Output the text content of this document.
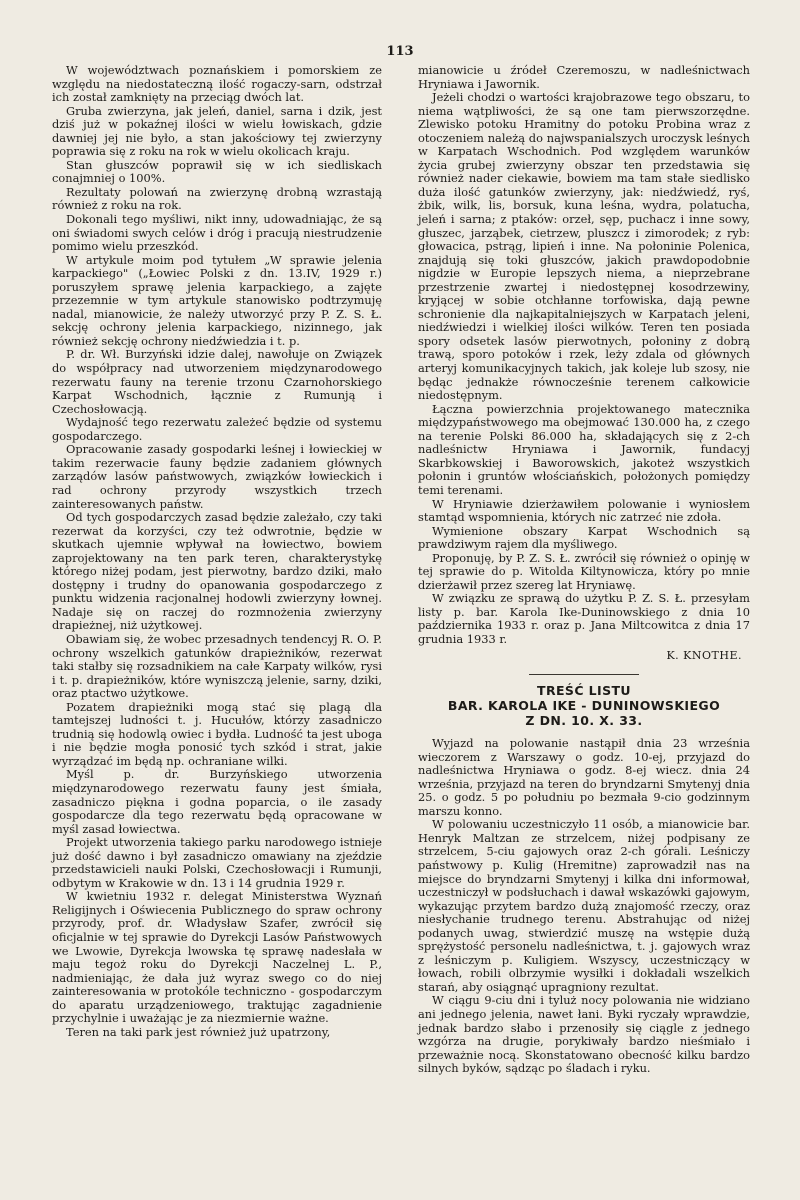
113

W województwach poznańskiem i pomorskiem ze względu na niedostateczną ilość rogaczy-sarn, odstrzał ich został zamknięty na przeciąg dwóch lat.

Gruba zwierzyna, jak jeleń, daniel, sarna i dzik, jest dziś już w pokaźnej ilości w wielu łowiskach, gdzie dawniej jej nie było, a stan jakościowy tej zwierzyny poprawia się z roku na rok w wielu okolicach kraju.

Stan głuszców poprawił się w ich siedliskach conajmniej o 100%.

Rezultaty polowań na zwierzynę drobną wzrastają również z roku na rok.

Dokonali tego myśliwi, nikt inny, udowadniając, że są oni świadomi swych celów i dróg i pracują niestrudzenie pomimo wielu przeszkód.

W artykule moim pod tytułem „W sprawie jelenia karpackiego" („Łowiec Polski z dn. 13.IV, 1929 r.) poruszyłem sprawę jelenia karpackiego, a zajęte przezemnie w tym artykule stanowisko podtrzymuję nadal, mianowicie, że należy utworzyć przy P. Z. S. Ł. sekcję ochrony jelenia karpackiego, nizinnego, jak również sekcję ochrony niedźwiedzia i t. p.

P. dr. Wł. Burzyński idzie dalej, nawołuje on Związek do współpracy nad utworzeniem międzynarodowego rezerwatu fauny na terenie trzonu Czarnohorskiego Karpat Wschodnich, łącznie z Rumunją i Czechosłowacją.

Wydajność tego rezerwatu zależeć będzie od systemu gospodarczego.

Opracowanie zasady gospodarki leśnej i łowieckiej w takim rezerwacie fauny będzie zadaniem głównych zarządów lasów państwowych, związków łowieckich i rad ochrony przyrody wszystkich trzech zainteresowanych państw.

Od tych gospodarczych zasad będzie zależało, czy taki rezerwat da korzyści, czy też odwrotnie, będzie w skutkach ujemnie wpływał na łowiectwo, bowiem zaprojektowany na ten park teren, charakterystykę którego niżej podam, jest pierwotny, bardzo dziki, mało dostępny i trudny do opanowania gospodarczego z punktu widzenia racjonalnej hodowli zwierzyny łownej. Nadaje się on raczej do rozmnożenia zwierzyny drapieżnej, niż użytkowej.

Obawiam się, że wobec przesadnych tendencyj R. O. P. ochrony wszelkich gatunków drapieżników, rezerwat taki stałby się rozsadnikiem na całe Karpaty wilków, rysi i t. p. drapieżników, które wyniszczą jelenie, sarny, dziki, oraz ptactwo użytkowe.

Pozatem drapieżniki mogą stać się plagą dla tamtejszej ludności t. j. Hucułów, którzy zasadniczo trudnią się hodowlą owiec i bydła. Ludność ta jest uboga i nie będzie mogła ponosić tych szkód i strat, jakie wyrządzać im będą np. ochraniane wilki.

Myśl p. dr. Burzyńskiego utworzenia międzynarodowego rezerwatu fauny jest śmiała, zasadniczo piękna i godna poparcia, o ile zasady gospodarcze dla tego rezerwatu będą opracowane w myśl zasad łowiectwa.

Projekt utworzenia takiego parku narodowego istnieje już dość dawno i był zasadniczo omawiany na zjeździe przedstawicieli nauki Polski, Czechosłowacji i Rumunji, odbytym w Krakowie w dn. 13 i 14 grudnia 1929 r.

W kwietniu 1932 r. delegat Ministerstwa Wyznań Religijnych i Oświecenia Publicznego do spraw ochrony przyrody, prof. dr. Władysław Szafer, zwrócił się oficjalnie w tej sprawie do Dyrekcji Lasów Państwowych we Lwowie, Dyrekcja lwowska tę sprawę nadesłała w maju tegoż roku do Dyrekcji Naczelnej L. P., nadmieniając, że dała już wyraz swego co do niej zainteresowania w protokóle techniczno - gospodarczym do aparatu urządzeniowego, traktując zagadnienie przychylnie i uważając je za niezmiernie ważne.

Teren na taki park jest również już upatrzony,

mianowicie u źródeł Czeremoszu, w nadleśnictwach Hryniawa i Jawornik.

Jeżeli chodzi o wartości krajobrazowe tego obszaru, to niema wątpliwości, że są one tam pierwszorzędne. Zlewisko potoku Hramitny do potoku Probina wraz z otoczeniem należą do najwspanialszych uroczysk leśnych w Karpatach Wschodnich. Pod względem warunków życia grubej zwierzyny obszar ten przedstawia się również nader ciekawie, bowiem ma tam stałe siedlisko duża ilość gatunków zwierzyny, jak: niedźwiedź, ryś, żbik, wilk, lis, borsuk, kuna leśna, wydra, polatucha, jeleń i sarna; z ptaków: orzeł, sęp, puchacz i inne sowy, głuszec, jarząbek, cietrzew, pluszcz i zimorodek; z ryb: głowacica, pstrąg, lipień i inne. Na połoninie Polenica, znajdują się toki głuszców, jakich prawdopodobnie nigdzie w Europie lepszych niema, a nieprzebrane przestrzenie zwartej i niedostępnej kosodrzewiny, kryjącej w sobie otchłanne torfowiska, dają pewne schronienie dla najkapitalniejszych w Karpatach jeleni, niedźwiedzi i wielkiej ilości wilków. Teren ten posiada spory odsetek lasów pierwotnych, połoniny z dobrą trawą, sporo potoków i rzek, leży zdala od głównych arteryj komunikacyjnych takich, jak koleje lub szosy, nie będąc jednakże równocześnie terenem całkowicie niedostępnym.

Łączna powierzchnia projektowanego matecznika międzypaństwowego ma obejmować 130.000 ha, z czego na terenie Polski 86.000 ha, składających się z 2-ch nadleśnictw Hryniawa i Jawornik, fundacyj Skarbkowskiej i Baworowskich, jakoteż wszystkich połonin i gruntów włościańskich, położonych pomiędzy temi terenami.

W Hryniawie dzierżawiłem polowanie i wyniosłem stamtąd wspomnienia, których nic zatrzeć nie zdoła.

Wymienione obszary Karpat Wschodnich są prawdziwym rajem dla myśliwego.

Proponuję, by P. Z. S. Ł. zwrócił się również o opinję w tej sprawie do p. Witolda Kiltynowicza, który po mnie dzierżawił przez szereg lat Hryniawę.

W związku ze sprawą do użytku P. Z. S. Ł. przesyłam listy p. bar. Karola Ike-Duninowskiego z dnia 10 października 1933 r. oraz p. Jana Miltcowitca z dnia 17 grudnia 1933 r.

K. KNOTHE.

TREŚĆ LISTU
BAR. KAROLA IKE - DUNINOWSKIEGO
Z DN. 10. X. 33.

Wyjazd na polowanie nastąpił dnia 23 września wieczorem z Warszawy o godz. 10-ej, przyjazd do nadleśnictwa Hryniawa o godz. 8-ej wiecz. dnia 24 września, przyjazd na teren do bryndzarni Smytenyj dnia 25. o godz. 5 po południu po bezmała 9-cio godzinnym marszu konno.

W polowaniu uczestniczyło 11 osób, a mianowicie bar. Henryk Maltzan ze strzelcem, niżej podpisany ze strzelcem, 5-ciu gajowych oraz 2-ch górali. Leśniczy państwowy p. Kulig (Hremitne) zaprowadził nas na miejsce do bryndzarni Smytenyj i kilka dni informował, uczestniczył w podsłuchach i dawał wskazówki gajowym, wykazując przytem bardzo dużą znajomość rzeczy, oraz niesłychanie trudnego terenu. Abstrahując od niżej podanych uwag, stwierdzić muszę na wstępie dużą sprężystość personelu nadleśnictwa, t. j. gajowych wraz z leśniczym p. Kuligiem. Wszyscy, uczestniczący w łowach, robili olbrzymie wysiłki i dokładali wszelkich starań, aby osiągnąć upragniony rezultat.

W ciągu 9-ciu dni i tyluż nocy polowania nie widziano ani jednego jelenia, nawet łani. Byki ryczały wprawdzie, jednak bardzo słabo i przenosiły się ciągle z jednego wzgórza na drugie, porykiwały bardzo nieśmiało i przeważnie nocą. Skonstatowano obecność kilku bardzo silnych byków, sądząc po śladach i ryku.
